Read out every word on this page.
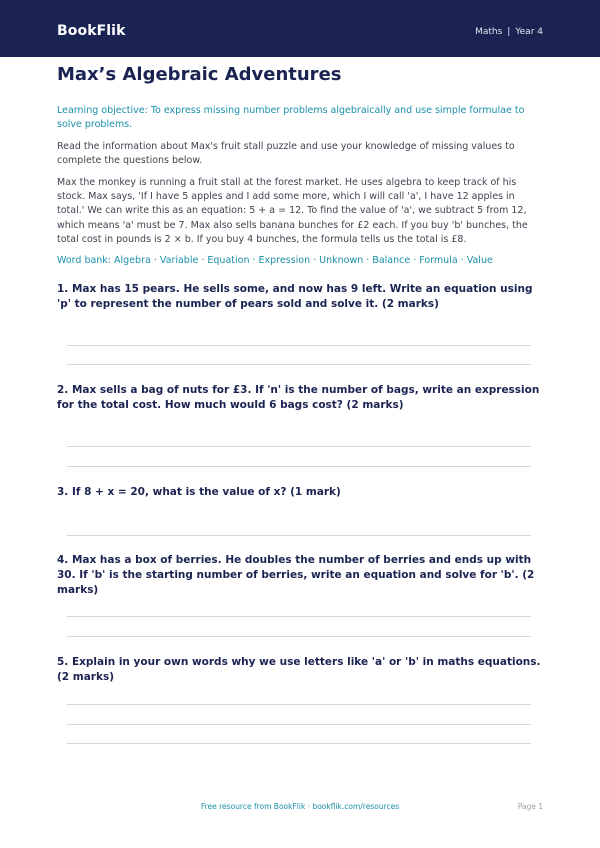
BookFlik	Maths | Year 4
Max’s Algebraic Adventures
Learning objective: To express missing number problems algebraically and use simple formulae to solve problems.
Read the information about Max's fruit stall puzzle and use your knowledge of missing values to complete the questions below.
Max the monkey is running a fruit stall at the forest market. He uses algebra to keep track of his stock. Max says, 'If I have 5 apples and I add some more, which I will call 'a', I have 12 apples in total.' We can write this as an equation: 5 + a = 12. To find the value of 'a', we subtract 5 from 12, which means 'a' must be 7. Max also sells banana bunches for £2 each. If you buy 'b' bunches, the total cost in pounds is 2 × b. If you buy 4 bunches, the formula tells us the total is £8.
Word bank: Algebra · Variable · Equation · Expression · Unknown · Balance · Formula · Value
1. Max has 15 pears. He sells some, and now has 9 left. Write an equation using 'p' to represent the number of pears sold and solve it. (2 marks)
2. Max sells a bag of nuts for £3. If 'n' is the number of bags, write an expression for the total cost. How much would 6 bags cost? (2 marks)
3. If 8 + x = 20, what is the value of x? (1 mark)
4. Max has a box of berries. He doubles the number of berries and ends up with 30. If 'b' is the starting number of berries, write an equation and solve for 'b'. (2 marks)
5. Explain in your own words why we use letters like 'a' or 'b' in maths equations. (2 marks)
Free resource from BookFlik · bookflik.com/resources	Page 1
